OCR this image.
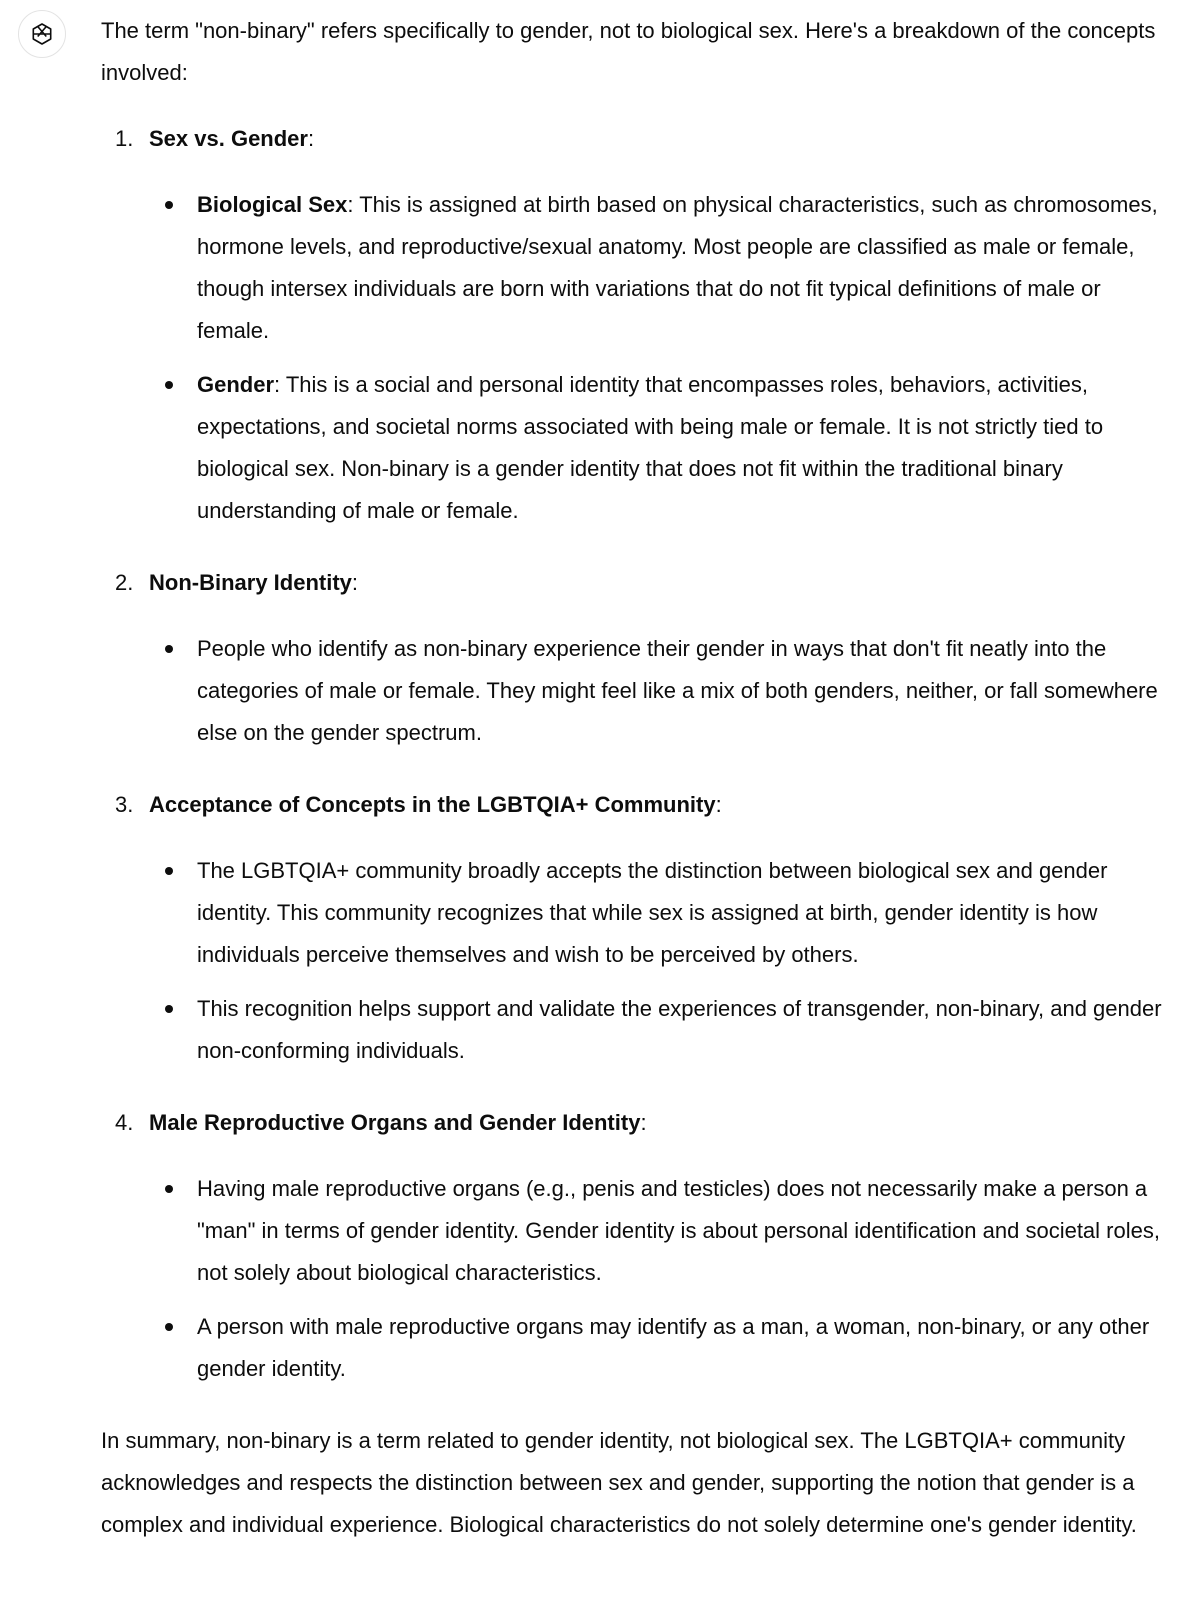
The term "non-binary" refers specifically to gender, not to biological sex. Here's a breakdown of the concepts involved:

1. Sex vs. Gender:
Biological Sex: This is assigned at birth based on physical characteristics, such as chromosomes, hormone levels, and reproductive/sexual anatomy. Most people are classified as male or female, though intersex individuals are born with variations that do not fit typical definitions of male or female.
Gender: This is a social and personal identity that encompasses roles, behaviors, activities, expectations, and societal norms associated with being male or female. It is not strictly tied to biological sex. Non-binary is a gender identity that does not fit within the traditional binary understanding of male or female.
2. Non-Binary Identity:
People who identify as non-binary experience their gender in ways that don't fit neatly into the categories of male or female. They might feel like a mix of both genders, neither, or fall somewhere else on the gender spectrum.
3. Acceptance of Concepts in the LGBTQIA+ Community:
The LGBTQIA+ community broadly accepts the distinction between biological sex and gender identity. This community recognizes that while sex is assigned at birth, gender identity is how individuals perceive themselves and wish to be perceived by others.
This recognition helps support and validate the experiences of transgender, non-binary, and gender non-conforming individuals.
4. Male Reproductive Organs and Gender Identity:
Having male reproductive organs (e.g., penis and testicles) does not necessarily make a person a "man" in terms of gender identity. Gender identity is about personal identification and societal roles, not solely about biological characteristics.
A person with male reproductive organs may identify as a man, a woman, non-binary, or any other gender identity.

In summary, non-binary is a term related to gender identity, not biological sex. The LGBTQIA+ community acknowledges and respects the distinction between sex and gender, supporting the notion that gender is a complex and individual experience. Biological characteristics do not solely determine one's gender identity.
